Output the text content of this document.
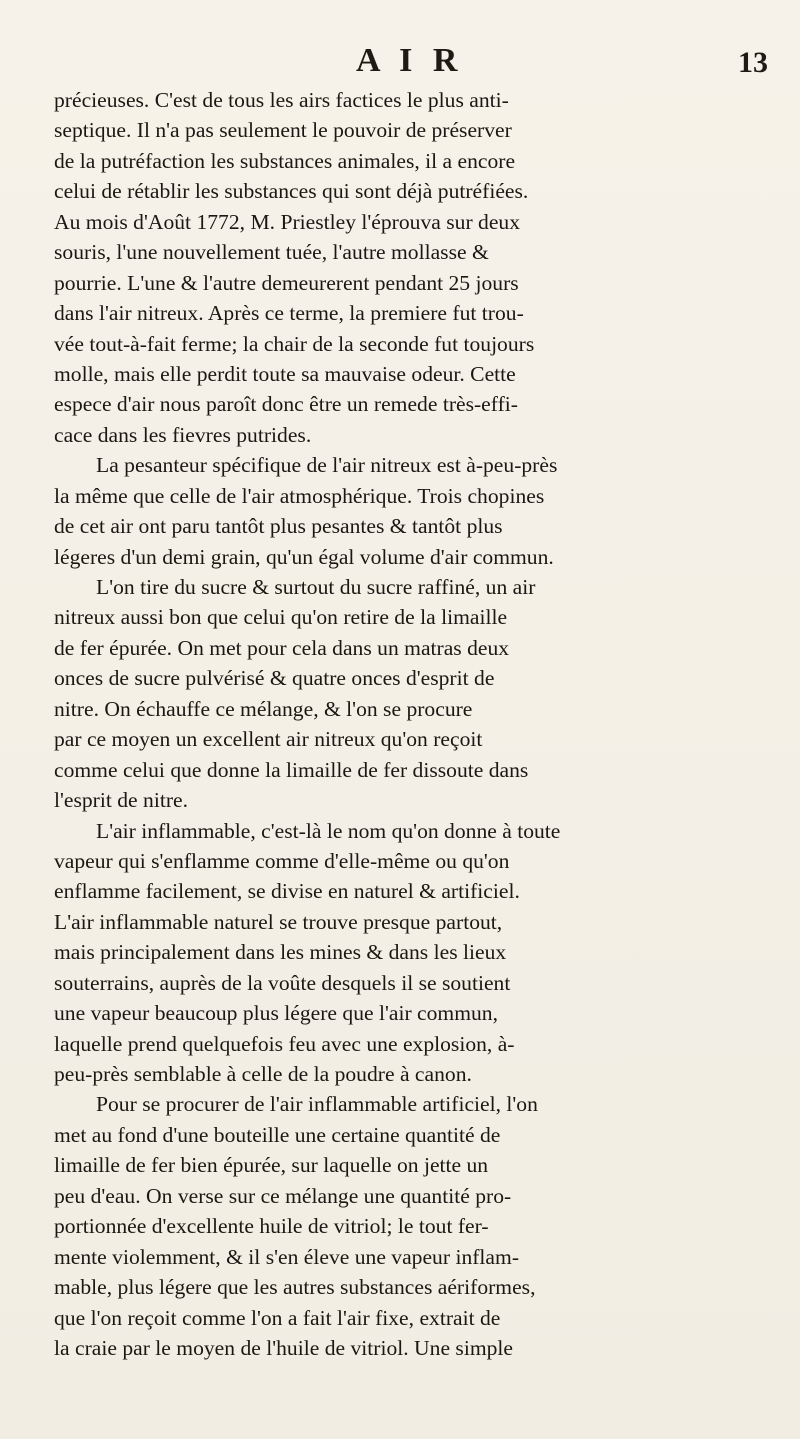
A I R	13
précieuses. C'est de tous les airs factices le plus anti-
septique. Il n'a pas seulement le pouvoir de préserver
de la putréfaction les substances animales, il a encore
celui de rétablir les substances qui sont déjà putréfiées.
Au mois d'Août 1772, M. Priestley l'éprouva sur deux
souris, l'une nouvellement tuée, l'autre mollasse &
pourrie. L'une & l'autre demeurerent pendant 25 jours
dans l'air nitreux. Après ce terme, la premiere fut trou-
vée tout-à-fait ferme; la chair de la seconde fut toujours
molle, mais elle perdit toute sa mauvaise odeur. Cette
espece d'air nous paroît donc être un remede très-effi-
cace dans les fievres putrides.
La pesanteur spécifique de l'air nitreux est à-peu-près
la même que celle de l'air atmosphérique. Trois chopines
de cet air ont paru tantôt plus pesantes & tantôt plus
légeres d'un demi grain, qu'un égal volume d'air commun.
L'on tire du sucre & surtout du sucre raffiné, un air
nitreux aussi bon que celui qu'on retire de la limaille
de fer épurée. On met pour cela dans un matras deux
onces de sucre pulvérisé & quatre onces d'esprit de
nitre. On échauffe ce mélange, & l'on se procure
par ce moyen un excellent air nitreux qu'on reçoit
comme celui que donne la limaille de fer dissoute dans
l'esprit de nitre.
L'air inflammable, c'est-là le nom qu'on donne à toute
vapeur qui s'enflamme comme d'elle-même ou qu'on
enflamme facilement, se divise en naturel & artificiel.
L'air inflammable naturel se trouve presque partout,
mais principalement dans les mines & dans les lieux
souterrains, auprès de la voûte desquels il se soutient
une vapeur beaucoup plus légere que l'air commun,
laquelle prend quelquefois feu avec une explosion, à-
peu-près semblable à celle de la poudre à canon.
Pour se procurer de l'air inflammable artificiel, l'on
met au fond d'une bouteille une certaine quantité de
limaille de fer bien épurée, sur laquelle on jette un
peu d'eau. On verse sur ce mélange une quantité pro-
portionnée d'excellente huile de vitriol; le tout fer-
mente violemment, & il s'en éleve une vapeur inflam-
mable, plus légere que les autres substances aériformes,
que l'on reçoit comme l'on a fait l'air fixe, extrait de
la craie par le moyen de l'huile de vitriol. Une simple
